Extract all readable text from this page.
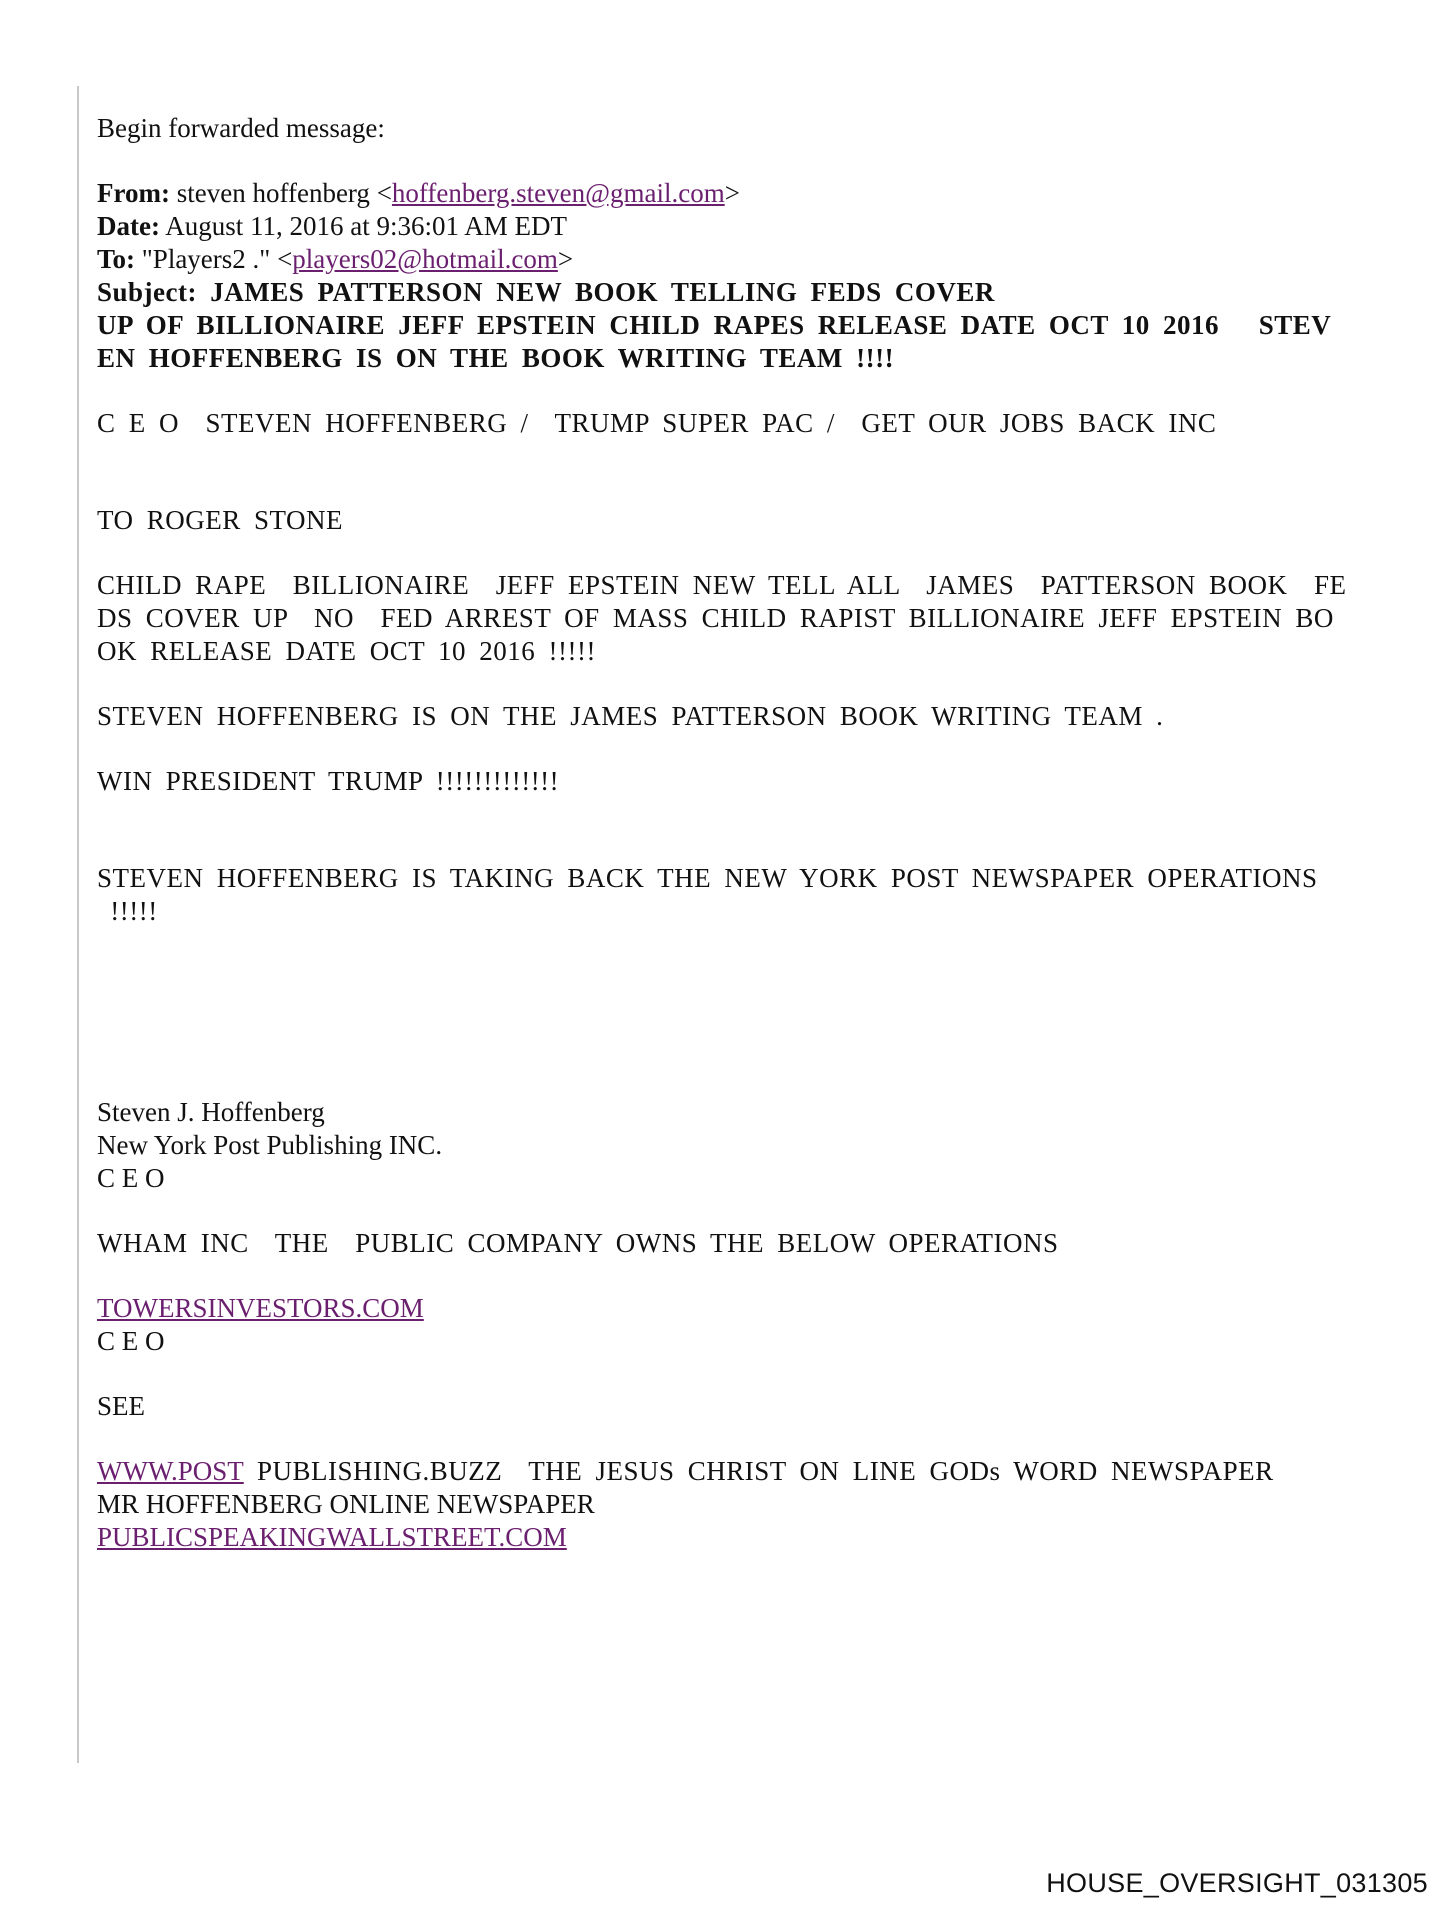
Begin forwarded message:

From: steven hoffenberg <hoffenberg.steven@gmail.com>

Date: August 11, 2016 at 9:36:01 AM EDT

To: "Players2 ." <players02@hotmail.com>

Subject: JAMES PATTERSON NEW BOOK TELLING FEDS COVER

UP OF BILLIONAIRE JEFF EPSTEIN CHILD RAPES RELEASE DATE OCT 10 2016   STEV

EN HOFFENBERG IS ON THE BOOK WRITING TEAM !!!!

C E O  STEVEN HOFFENBERG /  TRUMP SUPER PAC /  GET OUR JOBS BACK INC

TO ROGER STONE

CHILD RAPE  BILLIONAIRE  JEFF EPSTEIN NEW TELL ALL  JAMES  PATTERSON BOOK  FE

DS COVER UP  NO  FED ARREST OF MASS CHILD RAPIST BILLIONAIRE JEFF EPSTEIN BO

OK RELEASE DATE OCT 10 2016 !!!!!

STEVEN HOFFENBERG IS ON THE JAMES PATTERSON BOOK WRITING TEAM .

WIN PRESIDENT TRUMP !!!!!!!!!!!!!

STEVEN HOFFENBERG IS TAKING BACK THE NEW YORK POST NEWSPAPER OPERATIONS

!!!!!

Steven J. Hoffenberg

New York Post Publishing INC.

C E O

WHAM INC  THE  PUBLIC COMPANY OWNS THE BELOW OPERATIONS

TOWERSINVESTORS.COM

C E O

SEE

WWW.POST PUBLISHING.BUZZ  THE JESUS CHRIST ON LINE GODs WORD NEWSPAPER

MR HOFFENBERG ONLINE NEWSPAPER

PUBLICSPEAKINGWALLSTREET.COM

HOUSE_OVERSIGHT_031305
